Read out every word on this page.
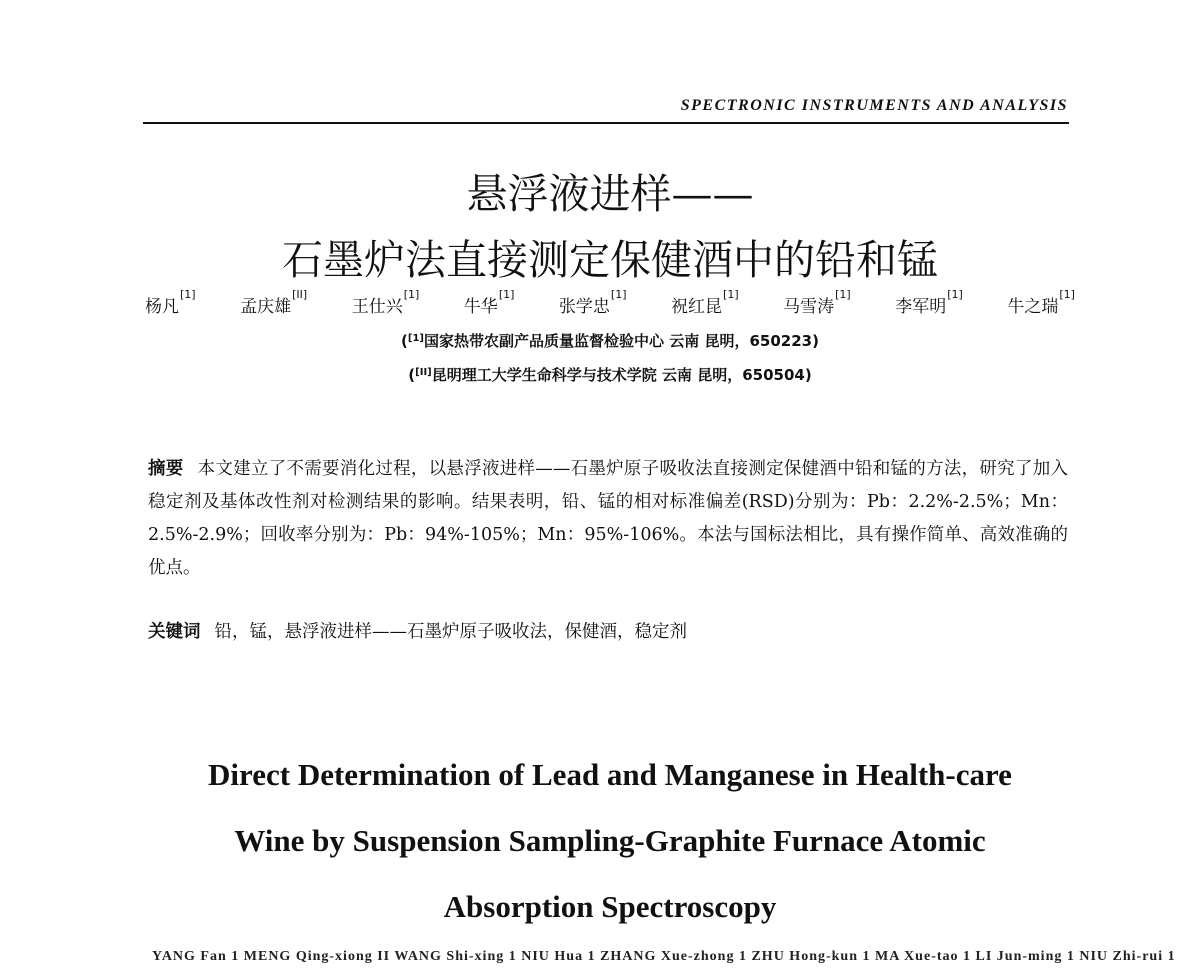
SPECTRONIC INSTRUMENTS AND ANALYSIS
悬浮液进样——
石墨炉法直接测定保健酒中的铅和锰
杨凡[1]
孟庆雄[II]
王仕兴[1]
牛华[1]
张学忠[1]
祝红昆[1]
马雪涛[1]
李军明[1]
牛之瑞[1]
([1]国家热带农副产品质量监督检验中心 云南 昆明，650223)
([II]昆明理工大学生命科学与技术学院 云南 昆明，650504)
摘要 本文建立了不需要消化过程，以悬浮液进样——石墨炉原子吸收法直接测定保健酒中铅和锰的方法，研究了加入稳定剂及基体改性剂对检测结果的影响。结果表明，铅、锰的相对标准偏差(RSD)分别为：Pb：2.2%-2.5%；Mn：2.5%-2.9%；回收率分别为：Pb：94%-105%；Mn：95%-106%。本法与国标法相比，具有操作简单、高效准确的优点。
关键词 铅，锰，悬浮液进样——石墨炉原子吸收法，保健酒，稳定剂
Direct Determination of Lead and Manganese in Health-care
Wine by Suspension Sampling-Graphite Furnace Atomic
Absorption Spectroscopy
YANG Fan 1 MENG Qing-xiong II WANG Shi-xing 1 NIU Hua 1 ZHANG Xue-zhong 1 ZHU Hong-kun 1 MA Xue-tao 1 LI Jun-ming 1 NIU Zhi-rui 1
